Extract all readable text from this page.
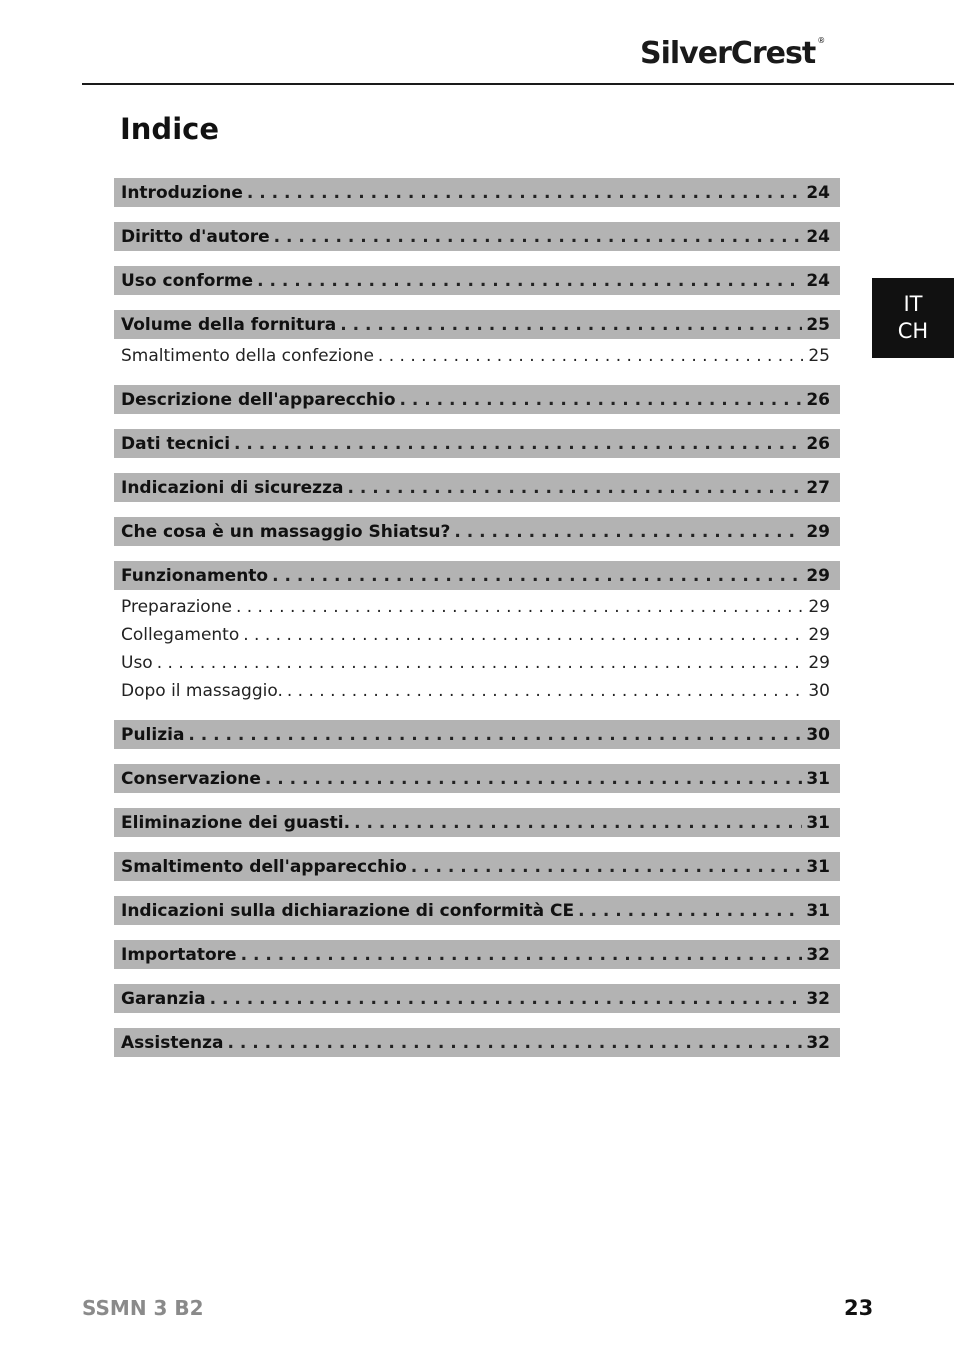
SilverCrest ®
IT
CH
Indice
Introduzione . . .	24
Diritto d'autore . . .	24
Uso conforme . . .	24
Volume della fornitura . . .	25
Smaltimento della confezione . . .	25
Descrizione dell'apparecchio . . .	26
Dati tecnici . . .	26
Indicazioni di sicurezza . . .	27
Che cosa è un massaggio Shiatsu? . . .	29
Funzionamento . . .	29
Preparazione . . .	29
Collegamento . . .	29
Uso . . .	29
Dopo il massaggio. . . .	30
Pulizia . . .	30
Conservazione . . .	31
Eliminazione dei guasti. . . .	31
Smaltimento dell'apparecchio . . .	31
Indicazioni sulla dichiarazione di conformità CE . . .	31
Importatore . . .	32
Garanzia . . .	32
Assistenza . . .	32
SSMN 3 B2	23
